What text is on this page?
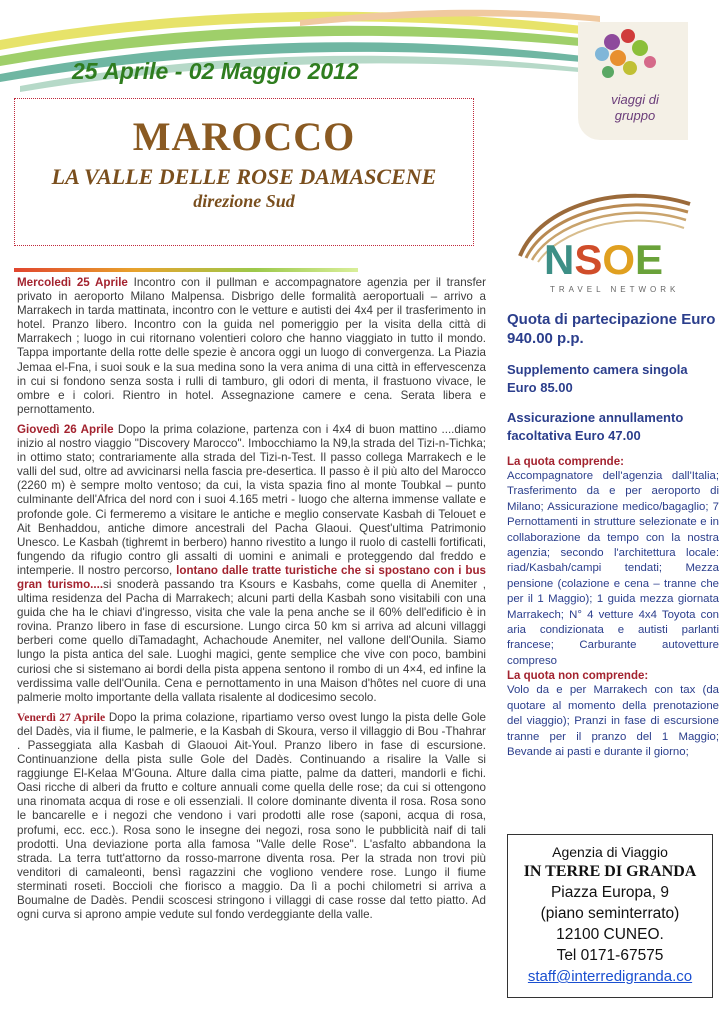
25 Aprile - 02 Maggio 2012
viaggi di gruppo
MAROCCO
LA VALLE DELLE ROSE DAMASCENE
direzione Sud
NSOE
TRAVEL NETWORK

Mercoledì 25 Aprile Incontro con il pullman e accompagnatore agenzia per il transfer privato in aeroporto Milano Malpensa. Disbrigo delle formalità aeroportuali – arrivo a Marrakech in tarda mattinata, incontro con le vetture e autisti dei 4x4 per il trasferimento in hotel. Pranzo libero. Incontro con la guida nel pomeriggio per la visita della città di Marrakech ; luogo in cui ritornano volentieri coloro che hanno viaggiato in tutto il mondo. Tappa importante della rotte delle spezie è ancora oggi un luogo di convergenza. La Piazia Jemaa el-Fna, i suoi souk e la sua medina sono la vera anima di una città in effervescenza in cui si fondono senza sosta i rulli di tamburo, gli odori di menta, il frastuono vivace, le ombre e i colori. Rientro in hotel. Assegnazione camere e cena. Serata libera e pernottamento.

Giovedì 26 Aprile Dopo la prima colazione, partenza con i 4x4 di buon mattino ....diamo inizio al nostro viaggio "Discovery Marocco". Imbocchiamo la N9,la strada del Tizi-n-Tichka; in ottimo stato; contrariamente alla strada del Tizi-n-Test. Il passo collega Marrakech e le valli del sud, oltre ad avvicinarsi nella fascia pre-desertica. Il passo è il più alto del Marocco (2260 m) è sempre molto ventoso; da cui, la vista spazia fino al monte Toubkal – punto culminante dell'Africa del nord con i suoi 4.165 metri - luogo che alterna immense vallate e profonde gole. Ci fermeremo a visitare le antiche e meglio conservate Kasbah di Telouet e Ait Benhaddou, antiche dimore ancestrali del Pacha Glaoui. Quest'ultima Patrimonio Unesco. Le Kasbah (tighremt in berbero) hanno rivestito a lungo il ruolo di castelli fortificati, fungendo da rifugio contro gli assalti di uomini e animali e proteggendo dal freddo e intemperie. Il nostro percorso, lontano dalle tratte turistiche che si spostano con i bus gran turismo....si snoderà passando tra Ksours e Kasbahs, come quella di Anemiter , ultima residenza del Pacha di Marrakech; alcuni parti della Kasbah sono visitabili con una guida che ha le chiavi d'ingresso, visita che vale la pena anche se il 60% dell'edificio è in rovina. Pranzo libero in fase di escursione. Lungo circa 50 km si arriva ad alcuni villaggi berberi come quello diTamadaght, Achachoude Anemiter, nel vallone dell'Ounila. Siamo lungo la pista antica del sale. Luoghi magici, gente semplice che vive con poco, bambini curiosi che si sistemano ai bordi della pista appena sentono il rombo di un 4×4, ed infine la verdissima valle dell'Ounila. Cena e pernottamento in una Maison d'hôtes nel cuore di una palmerie molto importante della vallata risalente al dodicesimo secolo.

Venerdì 27 Aprile Dopo la prima colazione, ripartiamo verso ovest lungo la pista delle Gole del Dadès, via il fiume, le palmerie, e la Kasbah di Skoura, verso il villaggio di Bou -Thahrar . Passeggiata alla Kasbah di Glaouoi Ait-Youl. Pranzo libero in fase di escursione. Continuanzione della pista sulle Gole del Dadès. Continuando a risalire la Valle si raggiunge El-Kelaa M'Gouna. Alture dalla cima piatte, palme da datteri, mandorli e fichi. Oasi ricche di alberi da frutto e colture annuali come quella delle rose; da cui si ottengono una rinomata acqua di rose e oli essenziali. Il colore dominante diventa il rosa. Rosa sono le bancarelle e i negozi che vendono i vari prodotti alle rose (saponi, acqua di rosa, profumi, ecc. ecc.). Rosa sono le insegne dei negozi, rosa sono le pubblicità naif di tali prodotti. Una deviazione porta alla famosa "Valle delle Rose". L'asfalto abbandona la strada. La terra tutt'attorno da rosso-marrone diventa rosa. Per la strada non trovi più venditori di camaleonti, bensì ragazzini che vogliono vendere rose. Lungo il fiume sterminati roseti. Boccioli che fiorisco a maggio. Da lì a pochi chilometri si arriva a Boumalne de Dadès. Pendii scoscesi stringono i villaggi di case rosse dal tetto piatto. Ad ogni curva si aprono ampie vedute sul fondo verdeggiante della valle.

Quota di partecipazione Euro 940.00 p.p.
Supplemento camera singola Euro 85.00
Assicurazione annullamento facoltativa Euro 47.00
La quota comprende:
Accompagnatore dell'agenzia dall'Italia; Trasferimento da e per aeroporto di Milano; Assicurazione medico/bagaglio; 7 Pernottamenti in strutture selezionate e in collaborazione da tempo con la nostra agenzia; secondo l'architettura locale: riad/Kasbah/campi tendati; Mezza pensione (colazione e cena – tranne che per il 1 Maggio); 1 guida mezza giornata Marrakech; N° 4 vetture 4x4 Toyota con aria condizionata e autisti parlanti francese; Carburante autovetture compreso
La quota non comprende:
Volo da e per Marrakech con tax (da quotare al momento della prenotazione del viaggio); Pranzi in fase di escursione tranne per il pranzo del 1 Maggio; Bevande ai pasti e durante il giorno;
Agenzia di Viaggio
IN TERRE DI GRANDA
Piazza Europa, 9
(piano seminterrato)
12100 CUNEO.
Tel 0171-67575
staff@interredigranda.co
